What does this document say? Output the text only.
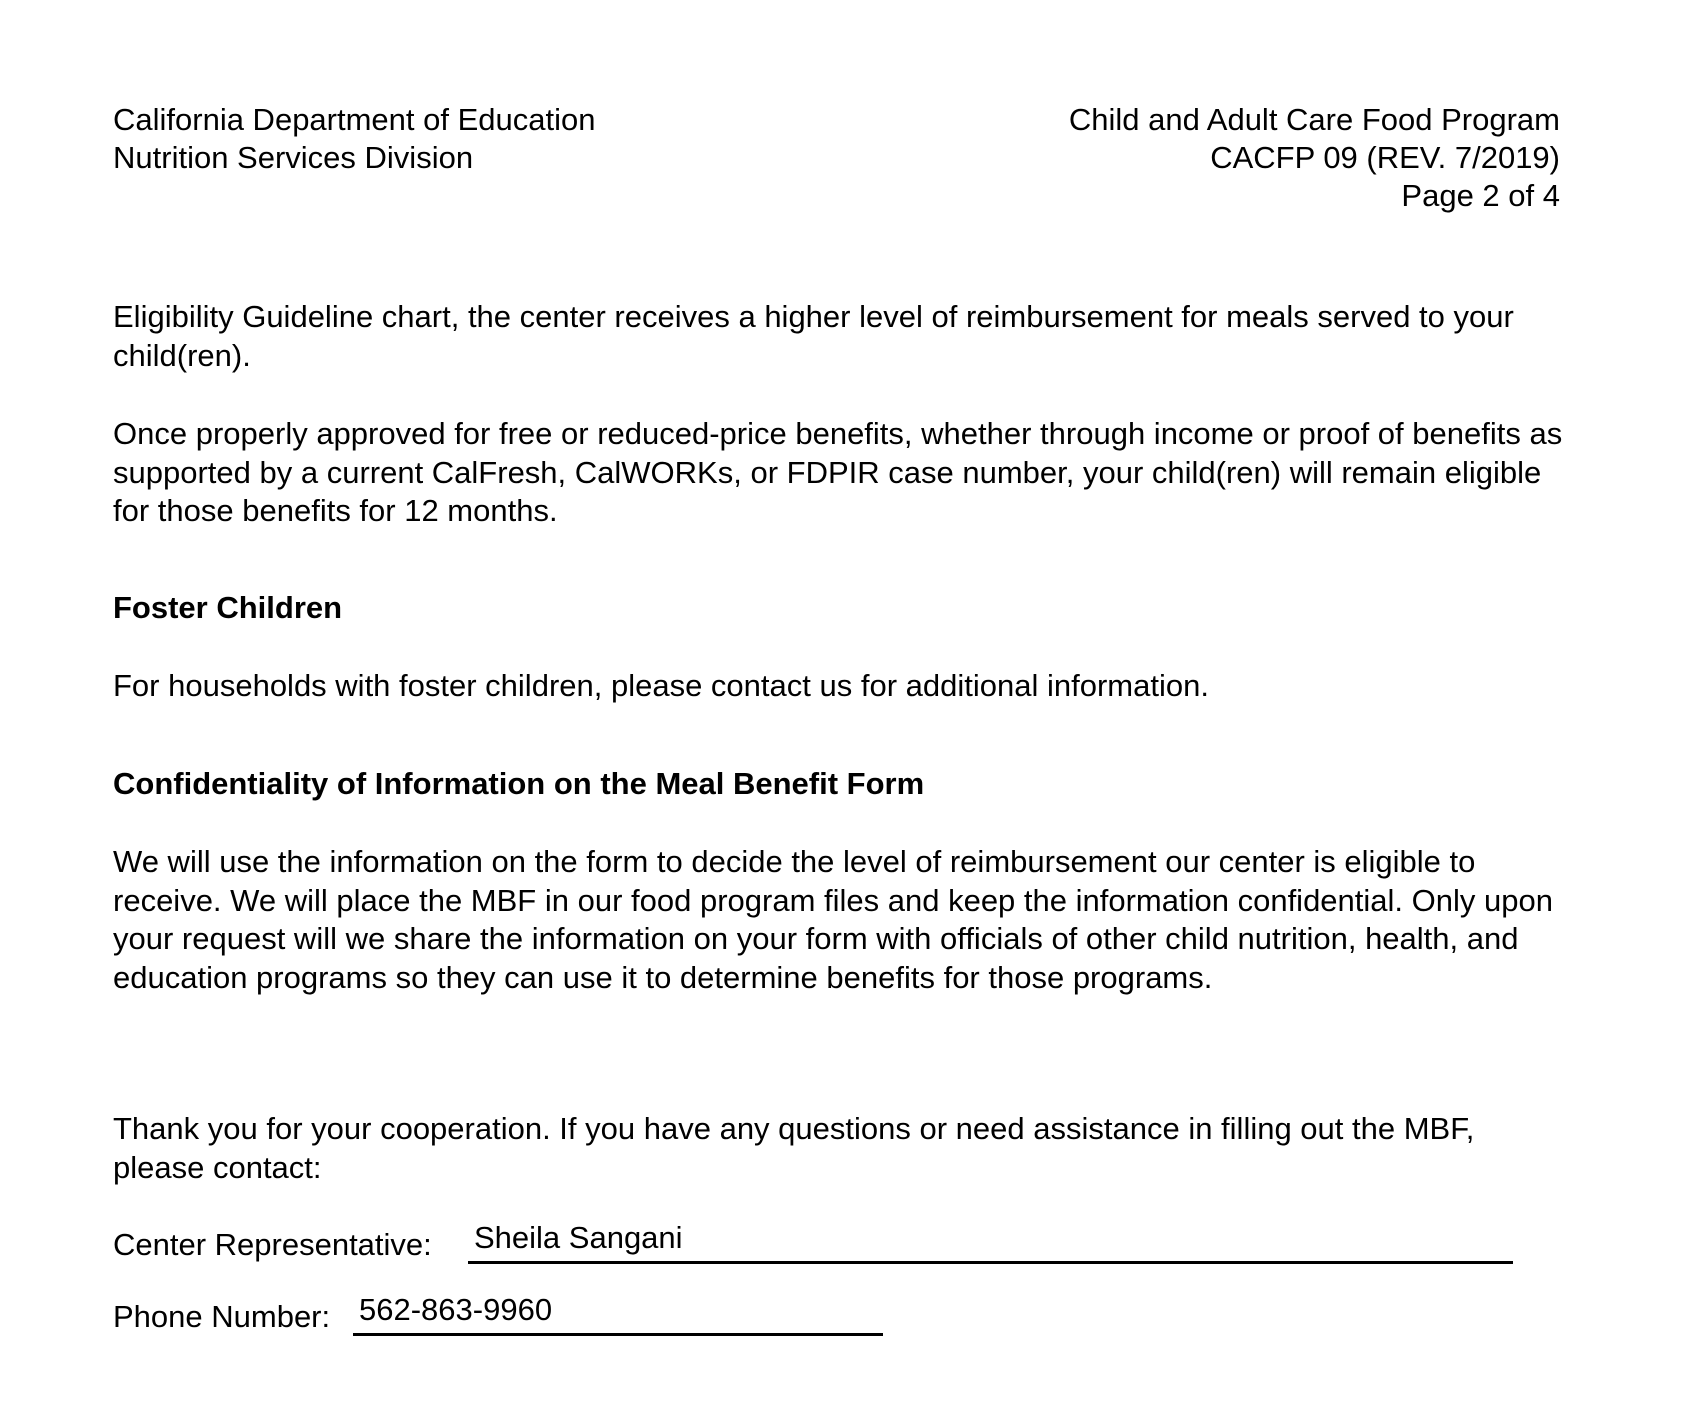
California Department of Education
Nutrition Services Division
Child and Adult Care Food Program
CACFP 09 (REV. 7/2019)
Page 2 of 4

Eligibility Guideline chart, the center receives a higher level of reimbursement for meals served to your child(ren).

Once properly approved for free or reduced-price benefits, whether through income or proof of benefits as supported by a current CalFresh, CalWORKs, or FDPIR case number, your child(ren) will remain eligible for those benefits for 12 months.

Foster Children

For households with foster children, please contact us for additional information.

Confidentiality of Information on the Meal Benefit Form

We will use the information on the form to decide the level of reimbursement our center is eligible to receive. We will place the MBF in our food program files and keep the information confidential. Only upon your request will we share the information on your form with officials of other child nutrition, health, and education programs so they can use it to determine benefits for those programs.

Thank you for your cooperation. If you have any questions or need assistance in filling out the MBF, please contact:

Center Representative: Sheila Sangani
Phone Number: 562-863-9960
